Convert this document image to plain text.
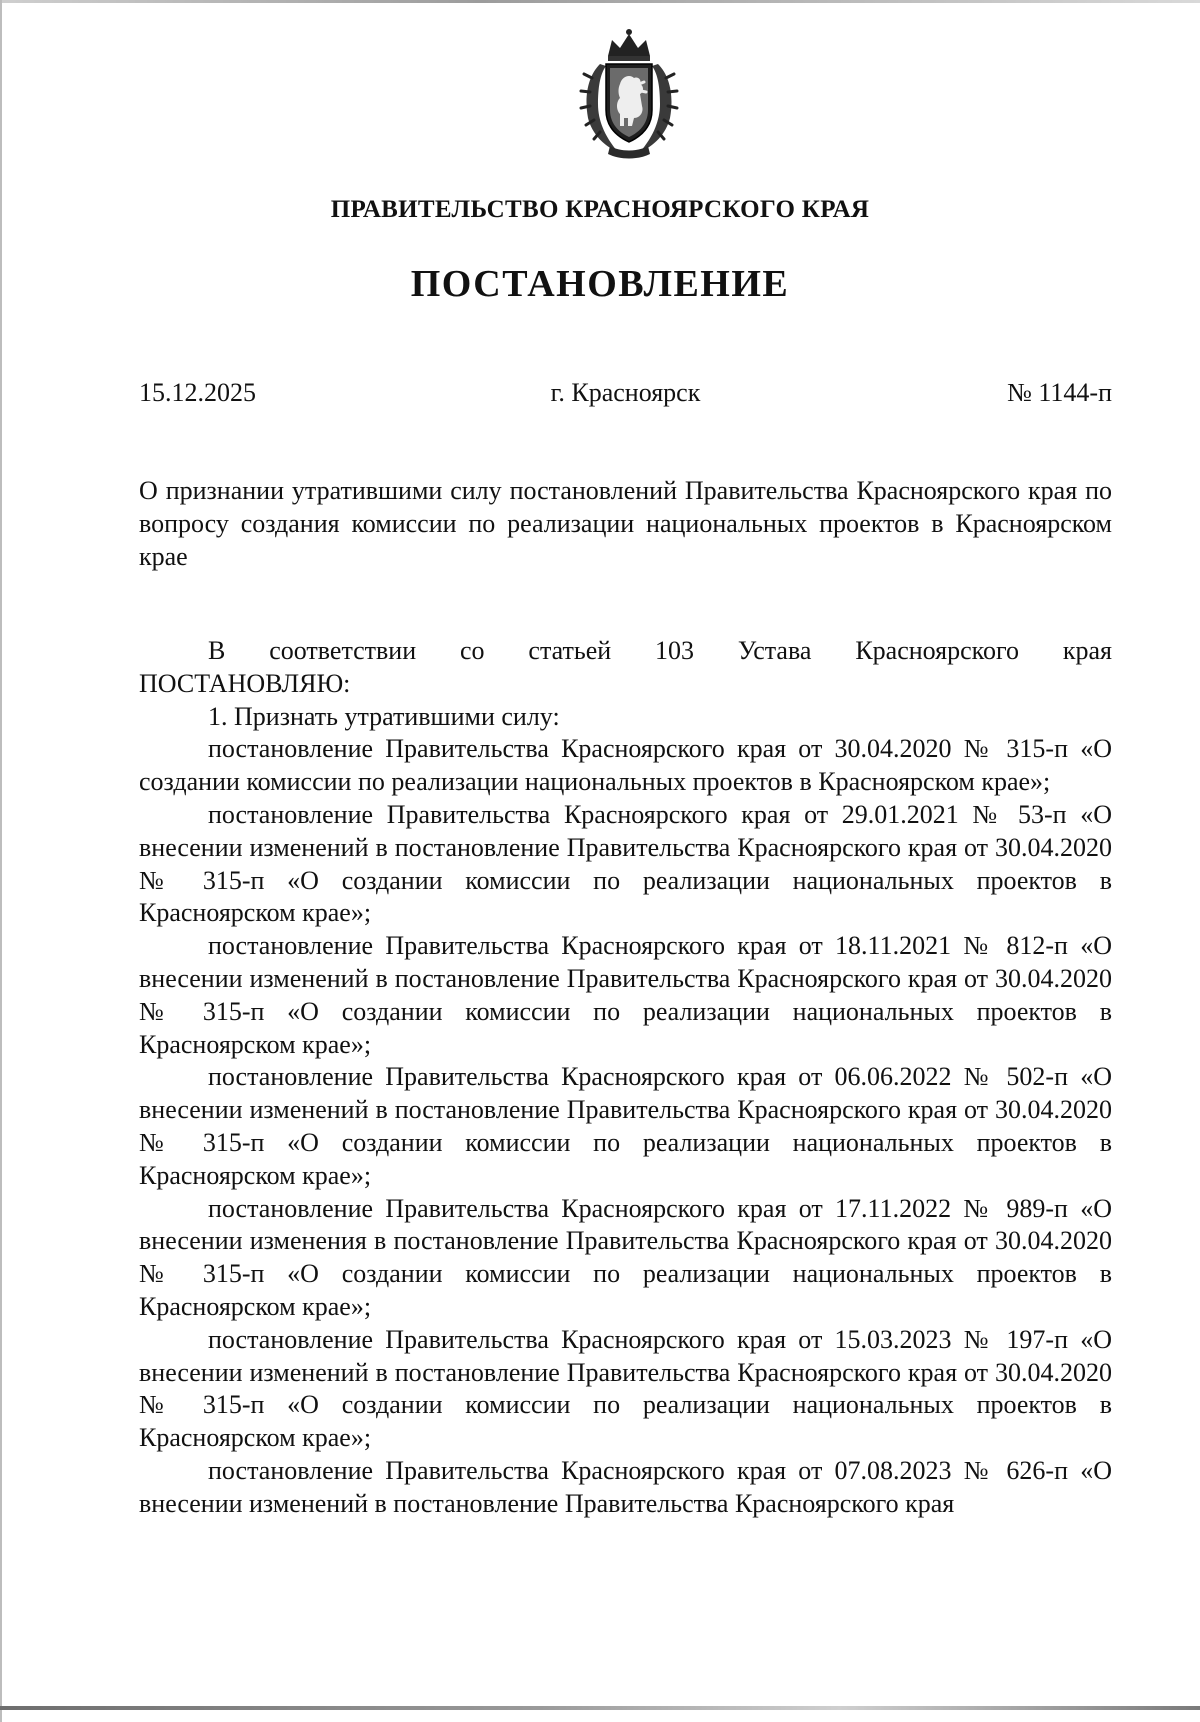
ПРАВИТЕЛЬСТВО КРАСНОЯРСКОГО КРАЯ
ПОСТАНОВЛЕНИЕ
15.12.2025	г. Красноярск	№ 1144-п
О признании утратившими силу постановлений Правительства Красноярского края по вопросу создания комиссии по реализации национальных проектов в Красноярском крае

В соответствии со статьей 103 Устава Красноярского края

ПОСТАНОВЛЯЮ:

1. Признать утратившими силу:

постановление Правительства Красноярского края от 30.04.2020 № 315-п «О создании комиссии по реализации национальных проектов в Красноярском крае»;

постановление Правительства Красноярского края от 29.01.2021 № 53-п «О внесении изменений в постановление Правительства Красноярского края от 30.04.2020 № 315-п «О создании комиссии по реализации национальных проектов в Красноярском крае»;

постановление Правительства Красноярского края от 18.11.2021 № 812-п «О внесении изменений в постановление Правительства Красноярского края от 30.04.2020 № 315-п «О создании комиссии по реализации национальных проектов в Красноярском крае»;

постановление Правительства Красноярского края от 06.06.2022 № 502-п «О внесении изменений в постановление Правительства Красноярского края от 30.04.2020 № 315-п «О создании комиссии по реализации национальных проектов в Красноярском крае»;

постановление Правительства Красноярского края от 17.11.2022 № 989-п «О внесении изменения в постановление Правительства Красноярского края от 30.04.2020 № 315-п «О создании комиссии по реализации национальных проектов в Красноярском крае»;

постановление Правительства Красноярского края от 15.03.2023 № 197-п «О внесении изменений в постановление Правительства Красноярского края от 30.04.2020 № 315-п «О создании комиссии по реализации национальных проектов в Красноярском крае»;

постановление Правительства Красноярского края от 07.08.2023 № 626-п «О внесении изменений в постановление Правительства Красноярского края
